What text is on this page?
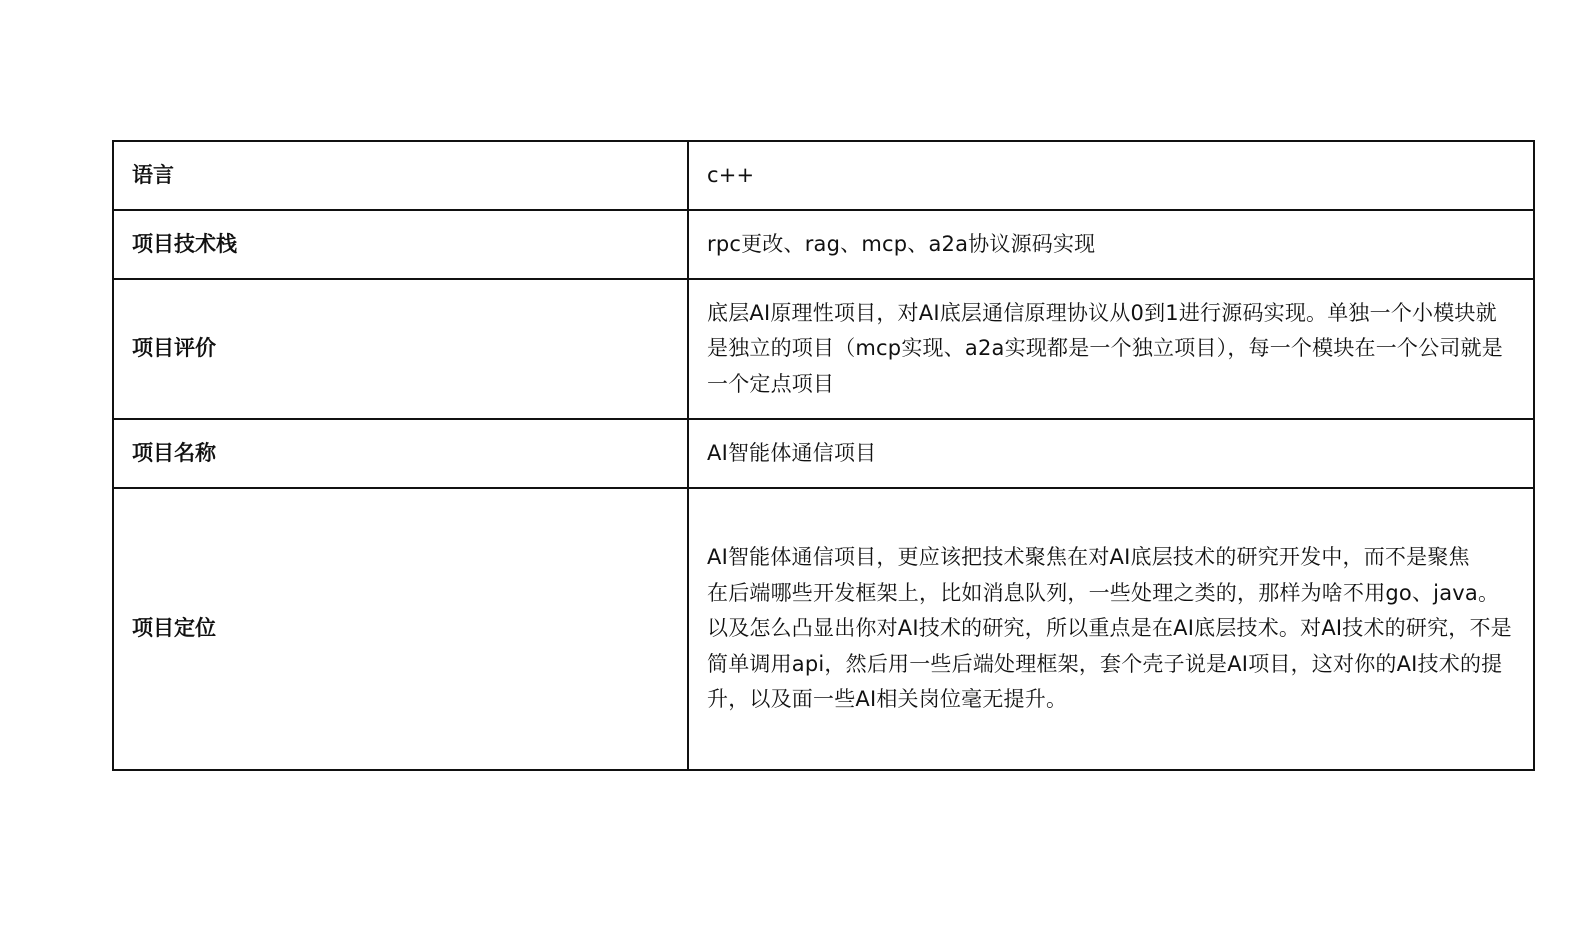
语言	c++

项目技术栈	rpc更改、rag、mcp、a2a协议源码实现

项目评价	底层AI原理性项目，对AI底层通信原理协议从0到1进行源码实现。单独一个小模块就是独立的项目（mcp实现、a2a实现都是一个独立项目），每一个模块在一个公司就是一个定点项目

项目名称	AI智能体通信项目

项目定位	AI智能体通信项目，更应该把技术聚焦在对AI底层技术的研究开发中，而不是聚焦
在后端哪些开发框架上，比如消息队列，一些处理之类的，那样为啥不用go、java。以及怎么凸显出你对AI技术的研究，所以重点是在AI底层技术。对AI技术的研究，不是简单调用api，然后用一些后端处理框架，套个壳子说是AI项目，这对你的AI技术的提升，以及面一些AI相关岗位毫无提升。
